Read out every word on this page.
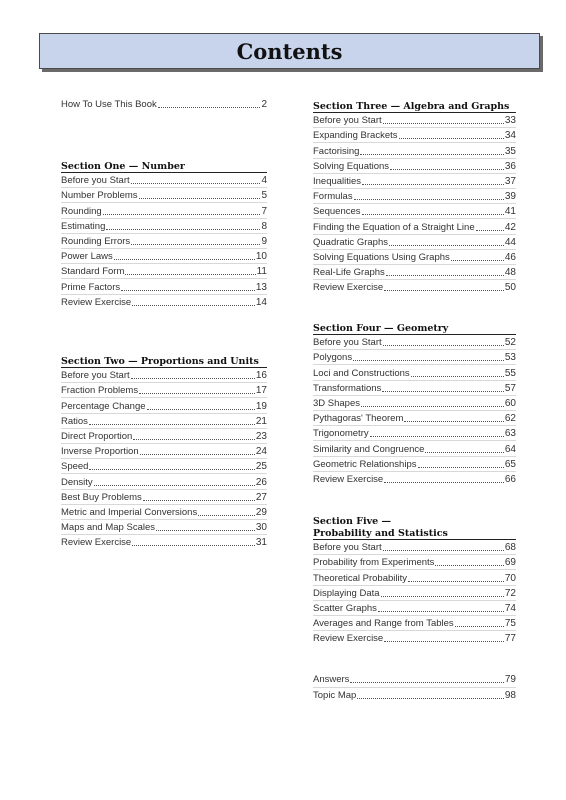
Contents
How To Use This Book	2
Section One — Number
Before you Start	4
Number Problems	5
Rounding	7
Estimating	8
Rounding Errors	9
Power Laws	10
Standard Form	11
Prime Factors	13
Review Exercise	14
Section Two — Proportions and Units
Before you Start	16
Fraction Problems	17
Percentage Change	19
Ratios	21
Direct Proportion	23
Inverse Proportion	24
Speed	25
Density	26
Best Buy Problems	27
Metric and Imperial Conversions	29
Maps and Map Scales	30
Review Exercise	31
Section Three — Algebra and Graphs
Before you Start	33
Expanding Brackets	34
Factorising	35
Solving Equations	36
Inequalities	37
Formulas	39
Sequences	41
Finding the Equation of a Straight Line	42
Quadratic Graphs	44
Solving Equations Using Graphs	46
Real-Life Graphs	48
Review Exercise	50
Section Four — Geometry
Before you Start	52
Polygons	53
Loci and Constructions	55
Transformations	57
3D Shapes	60
Pythagoras' Theorem	62
Trigonometry	63
Similarity and Congruence	64
Geometric Relationships	65
Review Exercise	66
Section Five —
Probability and Statistics
Before you Start	68
Probability from Experiments	69
Theoretical Probability	70
Displaying Data	72
Scatter Graphs	74
Averages and Range from Tables	75
Review Exercise	77
Answers	79
Topic Map	98
